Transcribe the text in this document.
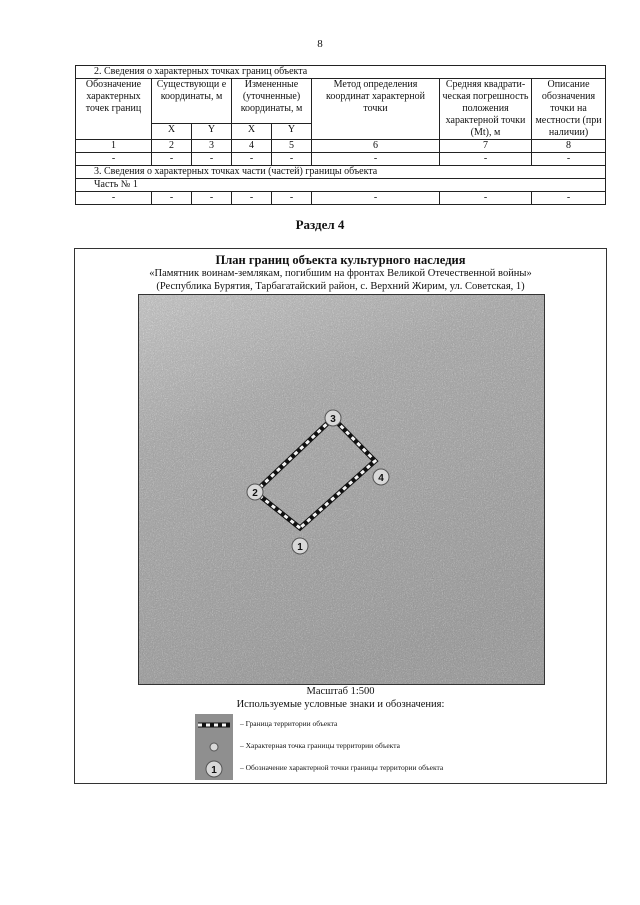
8
2. Сведения о характерных точках границ объекта							
Обозначение характерных точек границ	Существующи е координаты, м		Измененные (уточненные) координаты, м		Метод определения координат характерной точки	Средняя квадрати-ческая погрешность положения характерной точки (Mt), м	Описание обозначения точки на местности (при наличии)
	X	Y	X	Y			
1	2	3	4	5	6	7	8
-	-	-	-	-	-	-	-
3. Сведения о характерных точках части (частей) границы объекта							
Часть № 1							
-	-	-	-	-	-	-	-
Раздел 4
План границ объекта культурного наследия
«Памятник воинам-землякам, погибшим на фронтах Великой Отечественной войны»
(Республика Бурятия, Тарбагатайский район, с. Верхний Жирим, ул. Советская, 1)
1
2
3
4
Масштаб 1:500
Используемые условные знаки и обозначения:
– Граница территории объекта
– Характерная точка границы территории объекта
1	– Обозначение характерной точки границы территории объекта
